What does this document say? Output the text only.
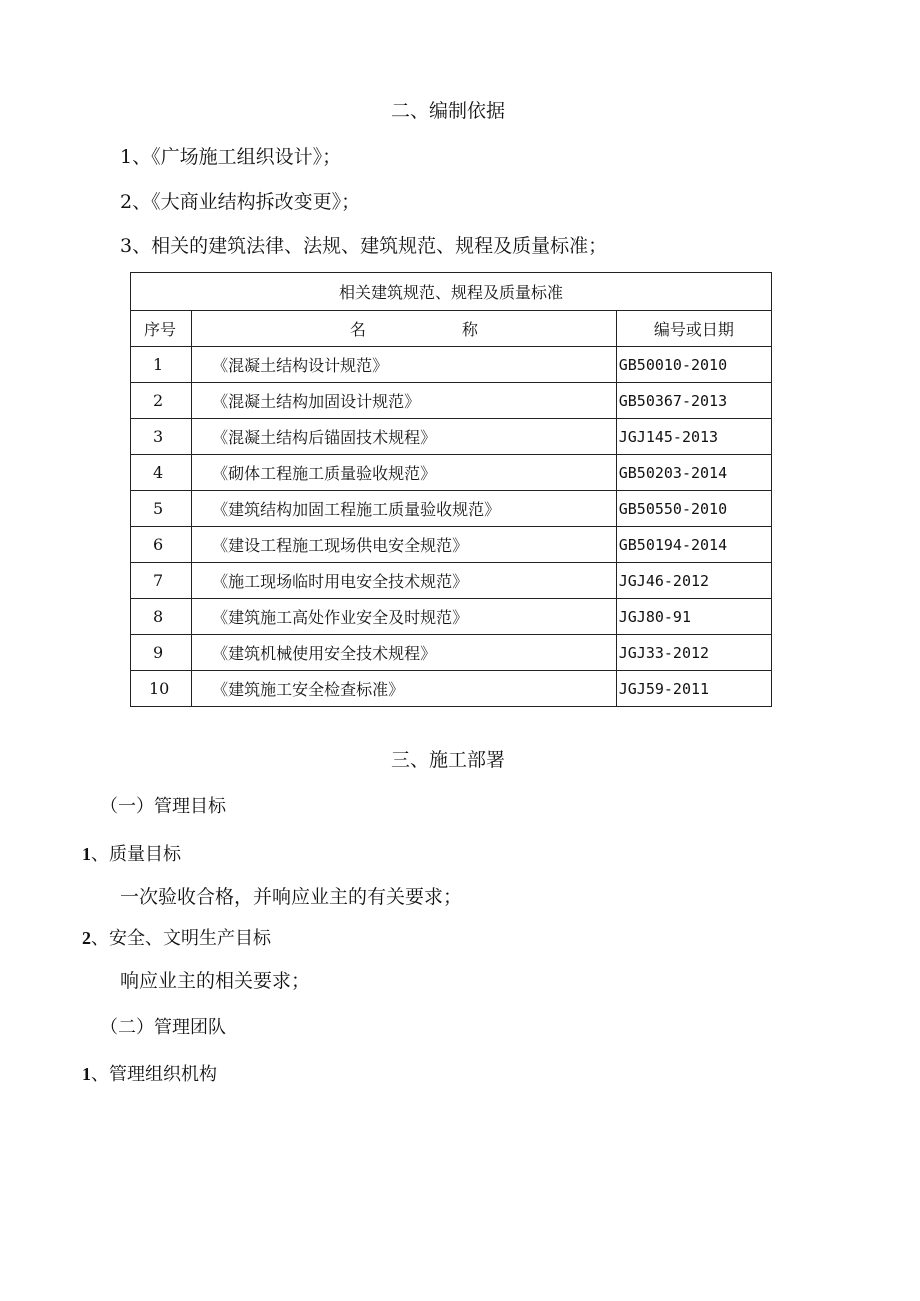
二、编制依据
1、《广场施工组织设计》；
2、《大商业结构拆改变更》；
3、相关的建筑法律、法规、建筑规范、规程及质量标准；
相关建筑规范、规程及质量标准		
序号	名　　　　　　称	编号或日期
1	《混凝土结构设计规范》	GB50010-2010
2	《混凝土结构加固设计规范》	GB50367-2013
3	《混凝土结构后锚固技术规程》	JGJ145-2013
4	《砌体工程施工质量验收规范》	GB50203-2014
5	《建筑结构加固工程施工质量验收规范》	GB50550-2010
6	《建设工程施工现场供电安全规范》	GB50194-2014
7	《施工现场临时用电安全技术规范》	JGJ46-2012
8	《建筑施工高处作业安全及时规范》	JGJ80-91
9	《建筑机械使用安全技术规程》	JGJ33-2012
10	《建筑施工安全检查标准》	JGJ59-2011
三、施工部署
（一）管理目标
1、质量目标
一次验收合格，并响应业主的有关要求；
2、安全、文明生产目标
响应业主的相关要求；
（二）管理团队
1、管理组织机构
